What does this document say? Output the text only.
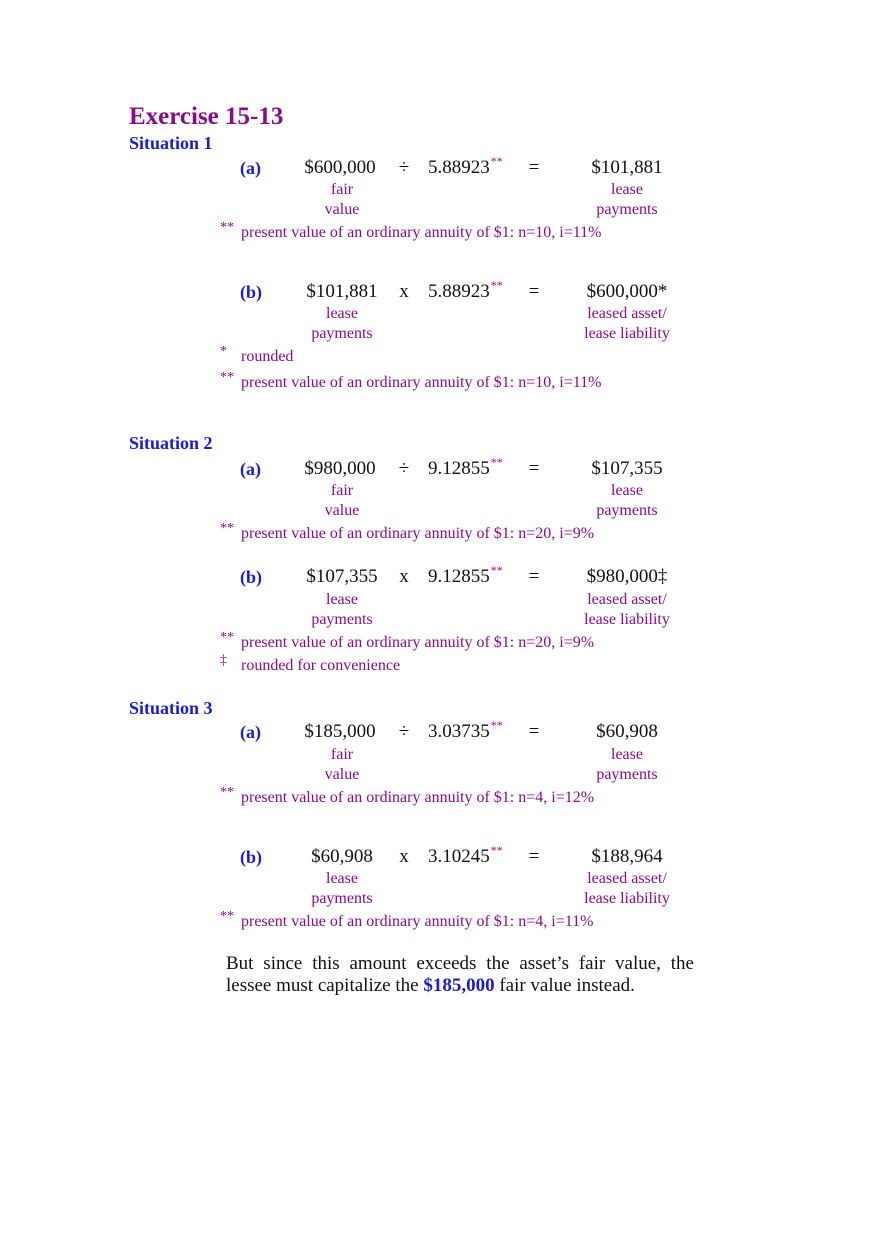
Exercise 15-13
Situation 1
(a)	$600,000	÷ 5.88923**	=	$101,881
fair
value
lease
payments
** present value of an ordinary annuity of $1: n=10, i=11%
(b)	$101,881	x	5.88923**	=	$600,000*
lease
payments
leased asset/
lease liability
* rounded
** present value of an ordinary annuity of $1: n=10, i=11%
Situation 2
(a)	$980,000	÷ 9.12855**	=	$107,355
fair
value
lease
payments
** present value of an ordinary annuity of $1: n=20, i=9%
(b)	$107,355	x	9.12855**	=	$980,000‡
lease
payments
leased asset/
lease liability
** present value of an ordinary annuity of $1: n=20, i=9%
‡ rounded for convenience
Situation 3
(a)	$185,000	÷ 3.03735**	=	$60,908
fair
value
lease
payments
** present value of an ordinary annuity of $1: n=4, i=12%
(b)	$60,908	x	3.10245**	=	$188,964
lease
payments
leased asset/
lease liability
** present value of an ordinary annuity of $1: n=4, i=11%
But since this amount exceeds the asset’s fair value, the lessee must capitalize the $185,000 fair value instead.
